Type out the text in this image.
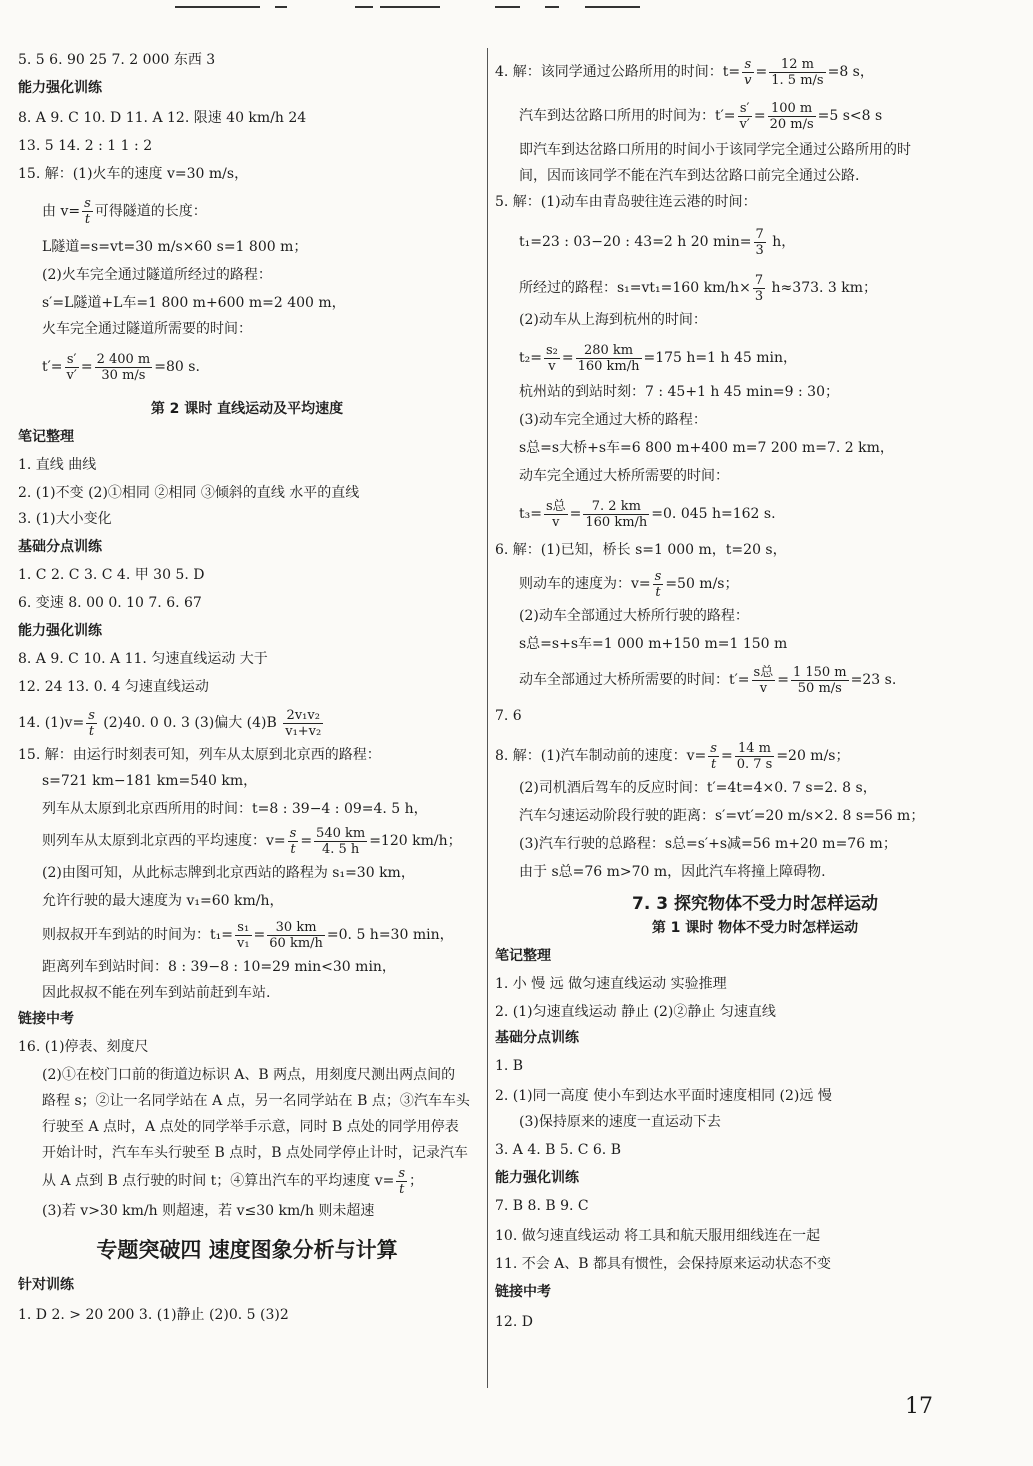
5. 5 6. 90 25 7. 2 000 东西 3
能力强化训练
8. A 9. C 10. D 11. A 12. 限速 40 km/h 24
13. 5 14. 2 : 1 1 : 2
15. 解：(1)火车的速度 v=30 m/s，
由 $v= \frac{s}{t}$ 可得隧道的长度：
L隧道=s=vt=30 m/s×60 s=1 800 m；
(2)火车完全通过隧道所经过的路程：
s′=L隧道+L车=1 800 m+600 m=2 400 m，
火车完全通过隧道所需要的时间：
$t'= \frac{s'}{v'} = \frac{2 400 m}{30 m/s} =80$ s.
第 2 课时 直线运动及平均速度
笔记整理
1. 直线 曲线
2. (1)不变 (2)①相同 ②相同 ③倾斜的直线 水平的直线
3. (1)大小变化
基础分点训练
1. C 2. C 3. C 4. 甲 30 5. D
6. 变速 8. 00 0. 10 7. 6. 67
能力强化训练
8. A 9. C 10. A 11. 匀速直线运动 大于
12. 24 13. 0. 4 匀速直线运动
14. $(1)v= \frac{s}{t} (2)40$. 0 0. 3 (3)偏大 $(4)B \frac{\text{2v₁v₂}}{\text{v₁+v₂}}$
15. 解：由运行时刻表可知，列车从太原到北京西的路程：
s=721 km−181 km=540 km，
列车从太原到北京西所用的时间：t=8 : 39−4 : 09=4. 5 h，
则列车从太原到北京西的平均速度：$v= \frac{s}{t} = \frac{540 km}{4. 5 h} =120$ km/h；
(2)由图可知，从此标志牌到北京西站的路程为 s₁=30 km，
允许行驶的最大速度为 v₁=60 km/h，
则叔叔开车到站的时间为：$t_1= \frac{\text{s₁}}{\text{v₁}} = \frac{30 km}{60 km/h} =0$. 5 h=30 min，
距离列车到站时间：8 : 39−8 : 10=29 min<30 min，
因此叔叔不能在列车到站前赶到车站.
链接中考
16. (1)停表、刻度尺
(2)①在校门口前的街道边标识 A、B 两点，用刻度尺测出两点间的
路程 s；②让一名同学站在 A 点，另一名同学站在 B 点；③汽车车头
行驶至 A 点时，A 点处的同学举手示意，同时 B 点处的同学用停表
开始计时，汽车车头行驶至 B 点时，B 点处同学停止计时，记录汽车
从 A 点到 B 点行驶的时间 t；④算出汽车的平均速度 $v= \frac{s}{t}$ ；
(3)若 v>30 km/h 则超速，若 v≤30 km/h 则未超速
专题突破四 速度图象分析与计算
针对训练
1. D 2. > 20 200 3. (1)静止 (2)0. 5 (3)2
4. 解：该同学通过公路所用的时间：$t= \frac{s}{v} = \frac{12 m}{1. 5 m/s} =8$ s，
汽车到达岔路口所用的时间为：$t'= \frac{s'}{v'} = \frac{100 m}{20 m/s} =5$ s<8 s
即汽车到达岔路口所用的时间小于该同学完全通过公路所用的时
间，因而该同学不能在汽车到达岔路口前完全通过公路.
5. 解：(1)动车由青岛驶往连云港的时间：
t₁=23 : 03−20 : 43=2 h 20 $\min= \frac{7}{3}$ h，
所经过的路程：s₁=vt₁=160 $km/h\times \frac{7}{3} h\approx 373$. 3 km；
(2)动车从上海到杭州的时间：
$t_2= \frac{\text{s₂}}{v} = \frac{280 km}{160 km/h} =175$ h=1 h 45 min，
杭州站的到站时刻：7 : 45+1 h 45 min=9 : 30；
(3)动车完全通过大桥的路程：
s总=s大桥+s车=6 800 m+400 m=7 200 m=7. 2 km，
动车完全通过大桥所需要的时间：
$t_3= \frac{\text{s总}}{v} = \frac{7. 2 km}{160 km/h} =0$. 045 h=162 s.
6. 解：(1)已知，桥长 s=1 000 m，t=20 s，
则动车的速度为：$v= \frac{s}{t} =50$ m/s；
(2)动车全部通过大桥所行驶的路程：
s总=s+s车=1 000 m+150 m=1 150 m
动车全部通过大桥所需要的时间：$t'= \frac{\text{s总}}{v} = \frac{1 150 m}{50 m/s} =23$ s.
7. 6
8. 解：(1)汽车制动前的速度：$v= \frac{s}{t} = \frac{14 m}{0. 7 s} =20$ m/s；
(2)司机酒后驾车的反应时间：t′=4t=4×0. 7 s=2. 8 s，
汽车匀速运动阶段行驶的距离：s′=vt′=20 m/s×2. 8 s=56 m；
(3)汽车行驶的总路程：s总=s′+s减=56 m+20 m=76 m；
由于 s总=76 m>70 m，因此汽车将撞上障碍物.
7. 3 探究物体不受力时怎样运动
第 1 课时 物体不受力时怎样运动
笔记整理
1. 小 慢 远 做匀速直线运动 实验推理
2. (1)匀速直线运动 静止 (2)②静止 匀速直线
基础分点训练
1. B
2. (1)同一高度 使小车到达水平面时速度相同 (2)远 慢
(3)保持原来的速度一直运动下去
3. A 4. B 5. C 6. B
能力强化训练
7. B 8. B 9. C
10. 做匀速直线运动 将工具和航天服用细线连在一起
11. 不会 A、B 都具有惯性，会保持原来运动状态不变
链接中考
12. D
17
